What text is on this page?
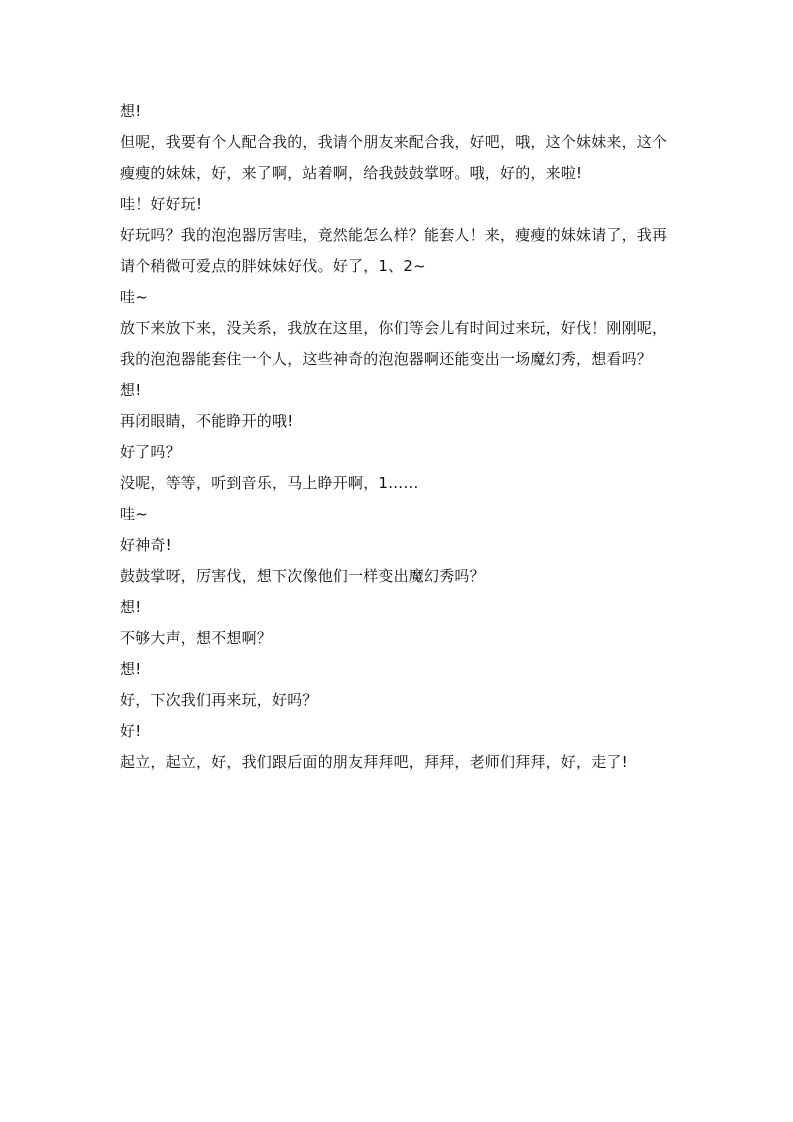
想!

但呢，我要有个人配合我的，我请个朋友来配合我，好吧，哦，这个妹妹来，这个瘦瘦的妹妹，好，来了啊，站着啊，给我鼓鼓掌呀。哦，好的，来啦!

哇！好好玩!

好玩吗？我的泡泡器厉害哇，竟然能怎么样？能套人！来，瘦瘦的妹妹请了，我再请个稍微可爱点的胖妹妹好伐。好了，1、2~

哇~

放下来放下来，没关系，我放在这里，你们等会儿有时间过来玩，好伐！刚刚呢，我的泡泡器能套住一个人，这些神奇的泡泡器啊还能变出一场魔幻秀，想看吗？

想!

再闭眼睛，不能睁开的哦!

好了吗？

没呢，等等，听到音乐，马上睁开啊，1……

哇~

好神奇!

鼓鼓掌呀，厉害伐，想下次像他们一样变出魔幻秀吗？

想!

不够大声，想不想啊？

想!

好，下次我们再来玩，好吗？

好!

起立，起立，好，我们跟后面的朋友拜拜吧，拜拜，老师们拜拜，好，走了!
